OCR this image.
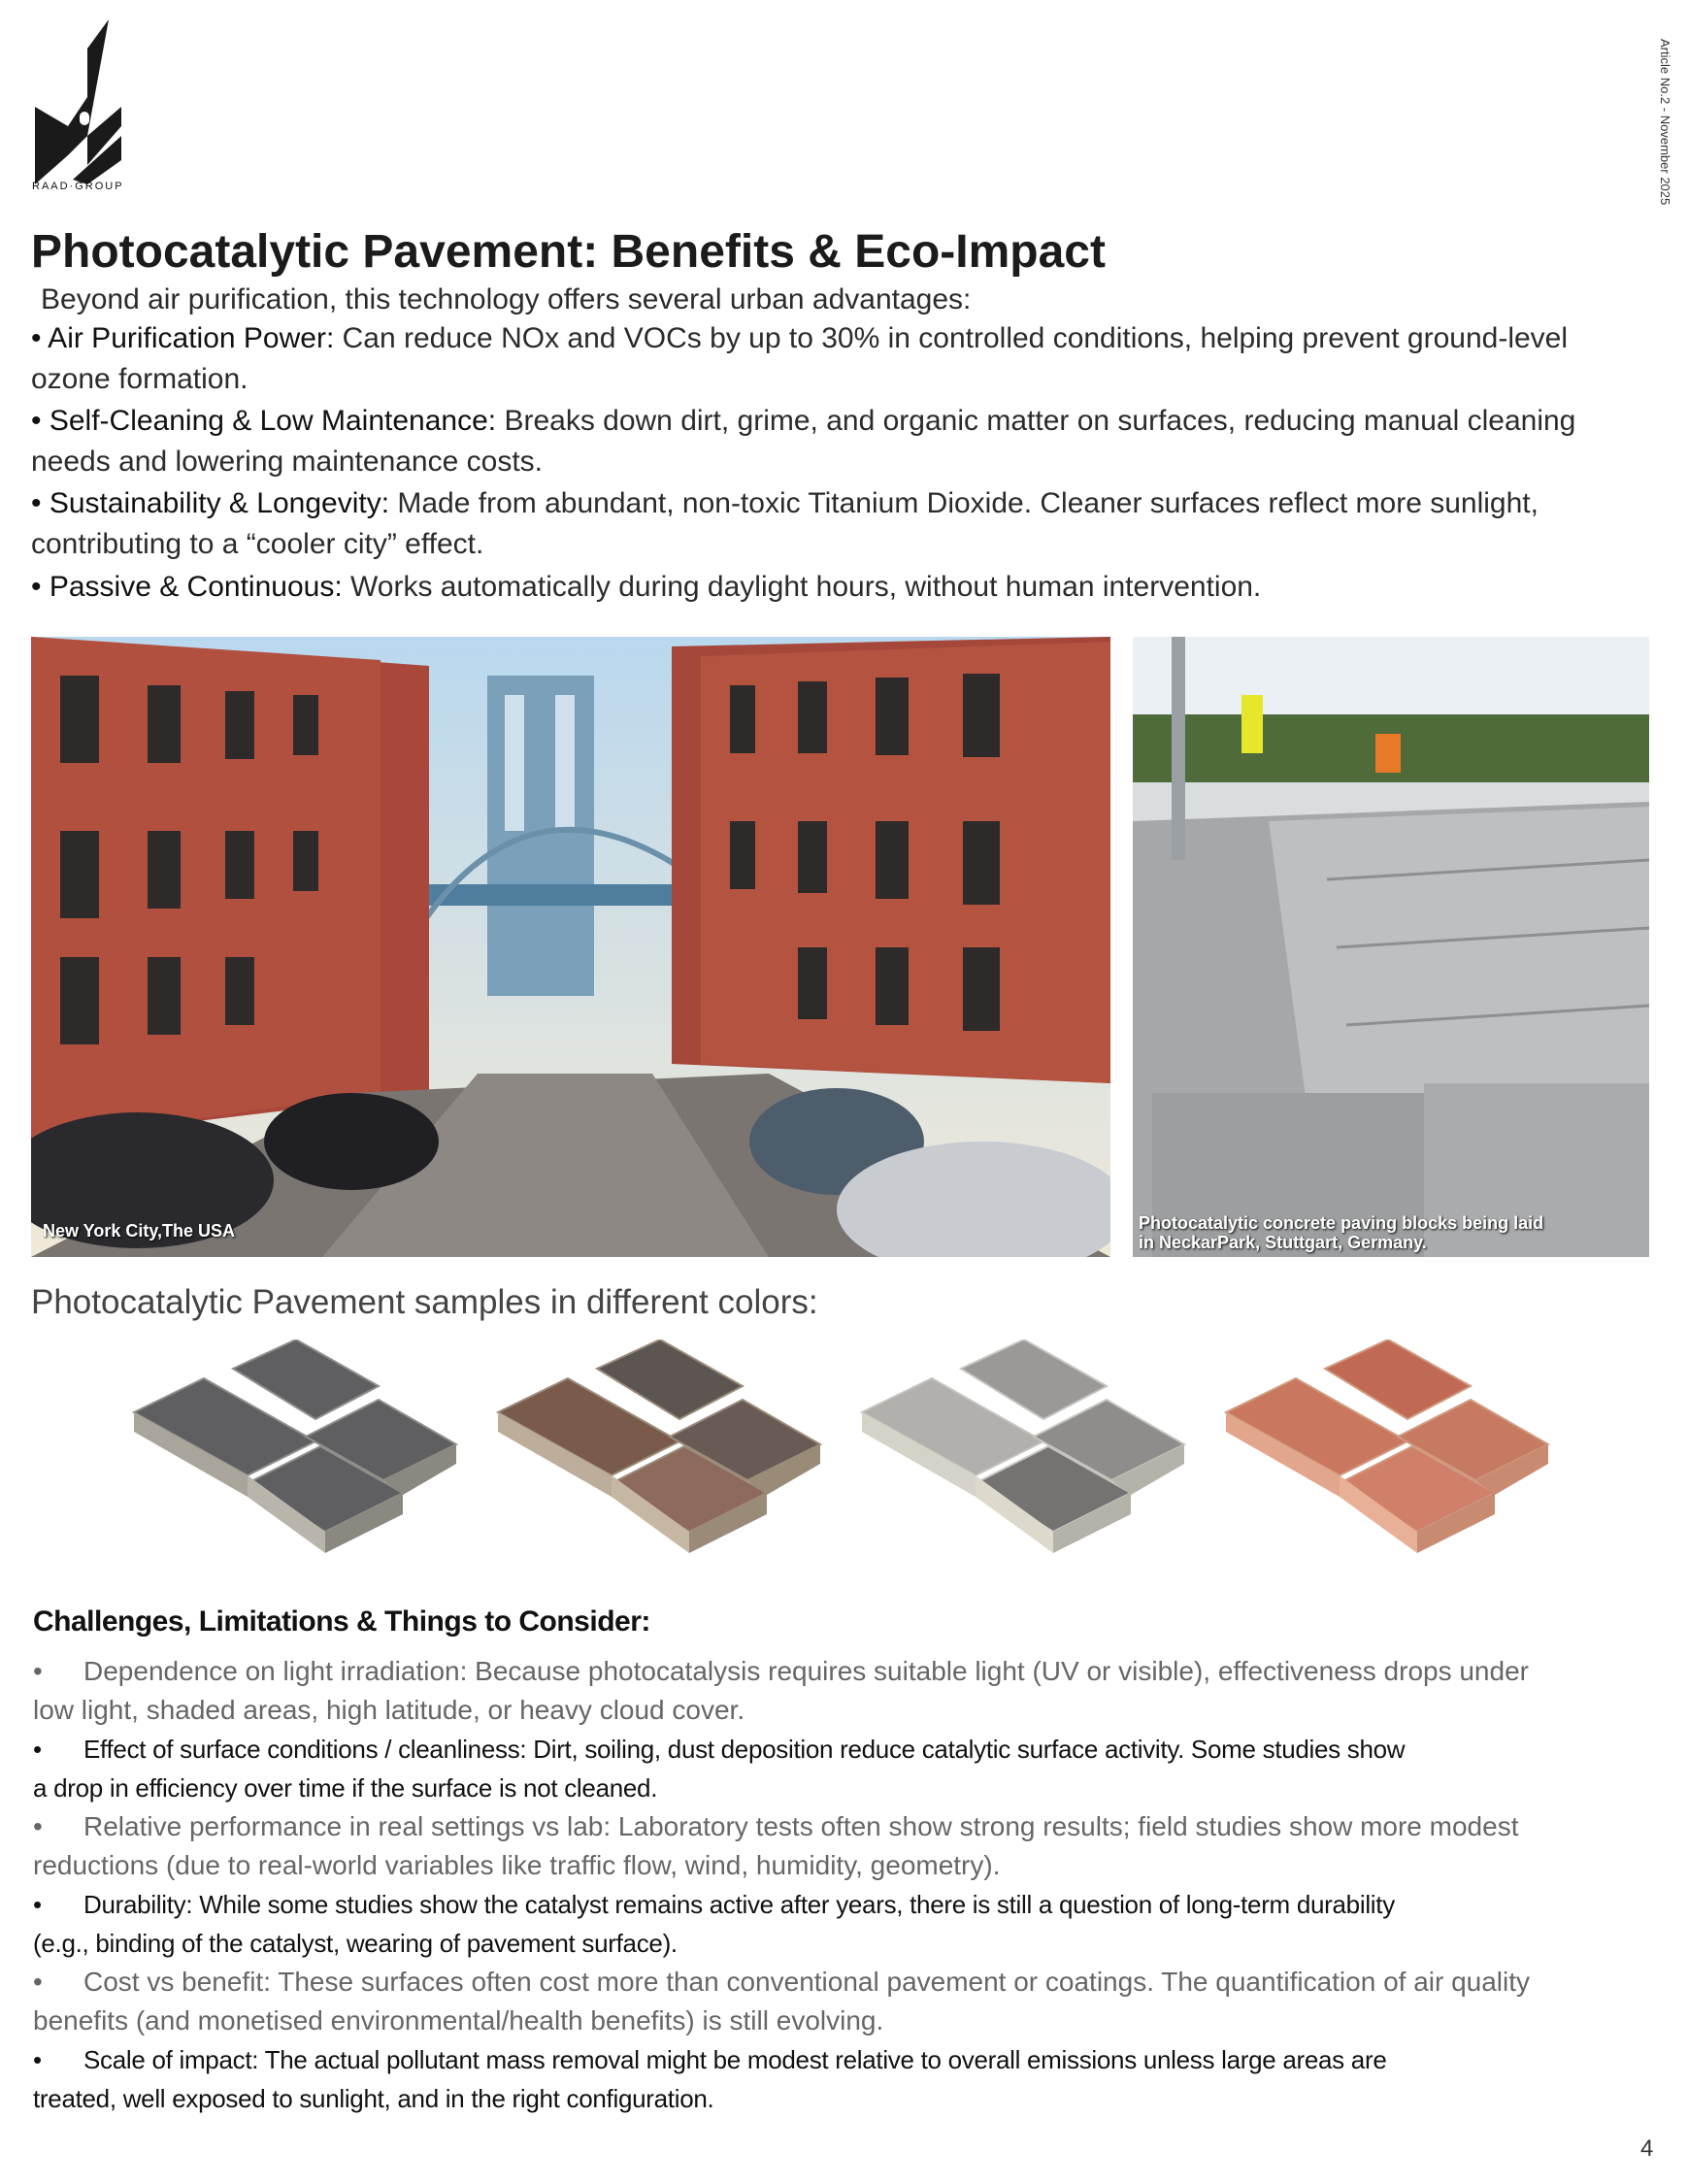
RAAD·GROUP	Article No.2 - November 2025
Photocatalytic Pavement: Benefits & Eco-Impact
Beyond air purification, this technology offers several urban advantages:
• Air Purification Power: Can reduce NOx and VOCs by up to 30% in controlled conditions, helping prevent ground-level ozone formation.
• Self-Cleaning & Low Maintenance: Breaks down dirt, grime, and organic matter on surfaces, reducing manual cleaning needs and lowering maintenance costs.
• Sustainability & Longevity: Made from abundant, non-toxic Titanium Dioxide. Cleaner surfaces reflect more sunlight, contributing to a “cooler city” effect.
• Passive & Continuous: Works automatically during daylight hours, without human intervention.
New York City,The USA	Photocatalytic concrete paving blocks being laid
in NeckarPark, Stuttgart, Germany.
Photocatalytic Pavement samples in different colors:
Challenges, Limitations & Things to Consider:
• Dependence on light irradiation: Because photocatalysis requires suitable light (UV or visible), effectiveness drops under
low light, shaded areas, high latitude, or heavy cloud cover.
• Effect of surface conditions / cleanliness: Dirt, soiling, dust deposition reduce catalytic surface activity. Some studies show
a drop in efficiency over time if the surface is not cleaned.
• Relative performance in real settings vs lab: Laboratory tests often show strong results; field studies show more modest
reductions (due to real-world variables like traffic flow, wind, humidity, geometry).
• Durability: While some studies show the catalyst remains active after years, there is still a question of long-term durability
(e.g., binding of the catalyst, wearing of pavement surface).
• Cost vs benefit: These surfaces often cost more than conventional pavement or coatings. The quantification of air quality
benefits (and monetised environmental/health benefits) is still evolving.
• Scale of impact: The actual pollutant mass removal might be modest relative to overall emissions unless large areas are
treated, well exposed to sunlight, and in the right configuration.
4
